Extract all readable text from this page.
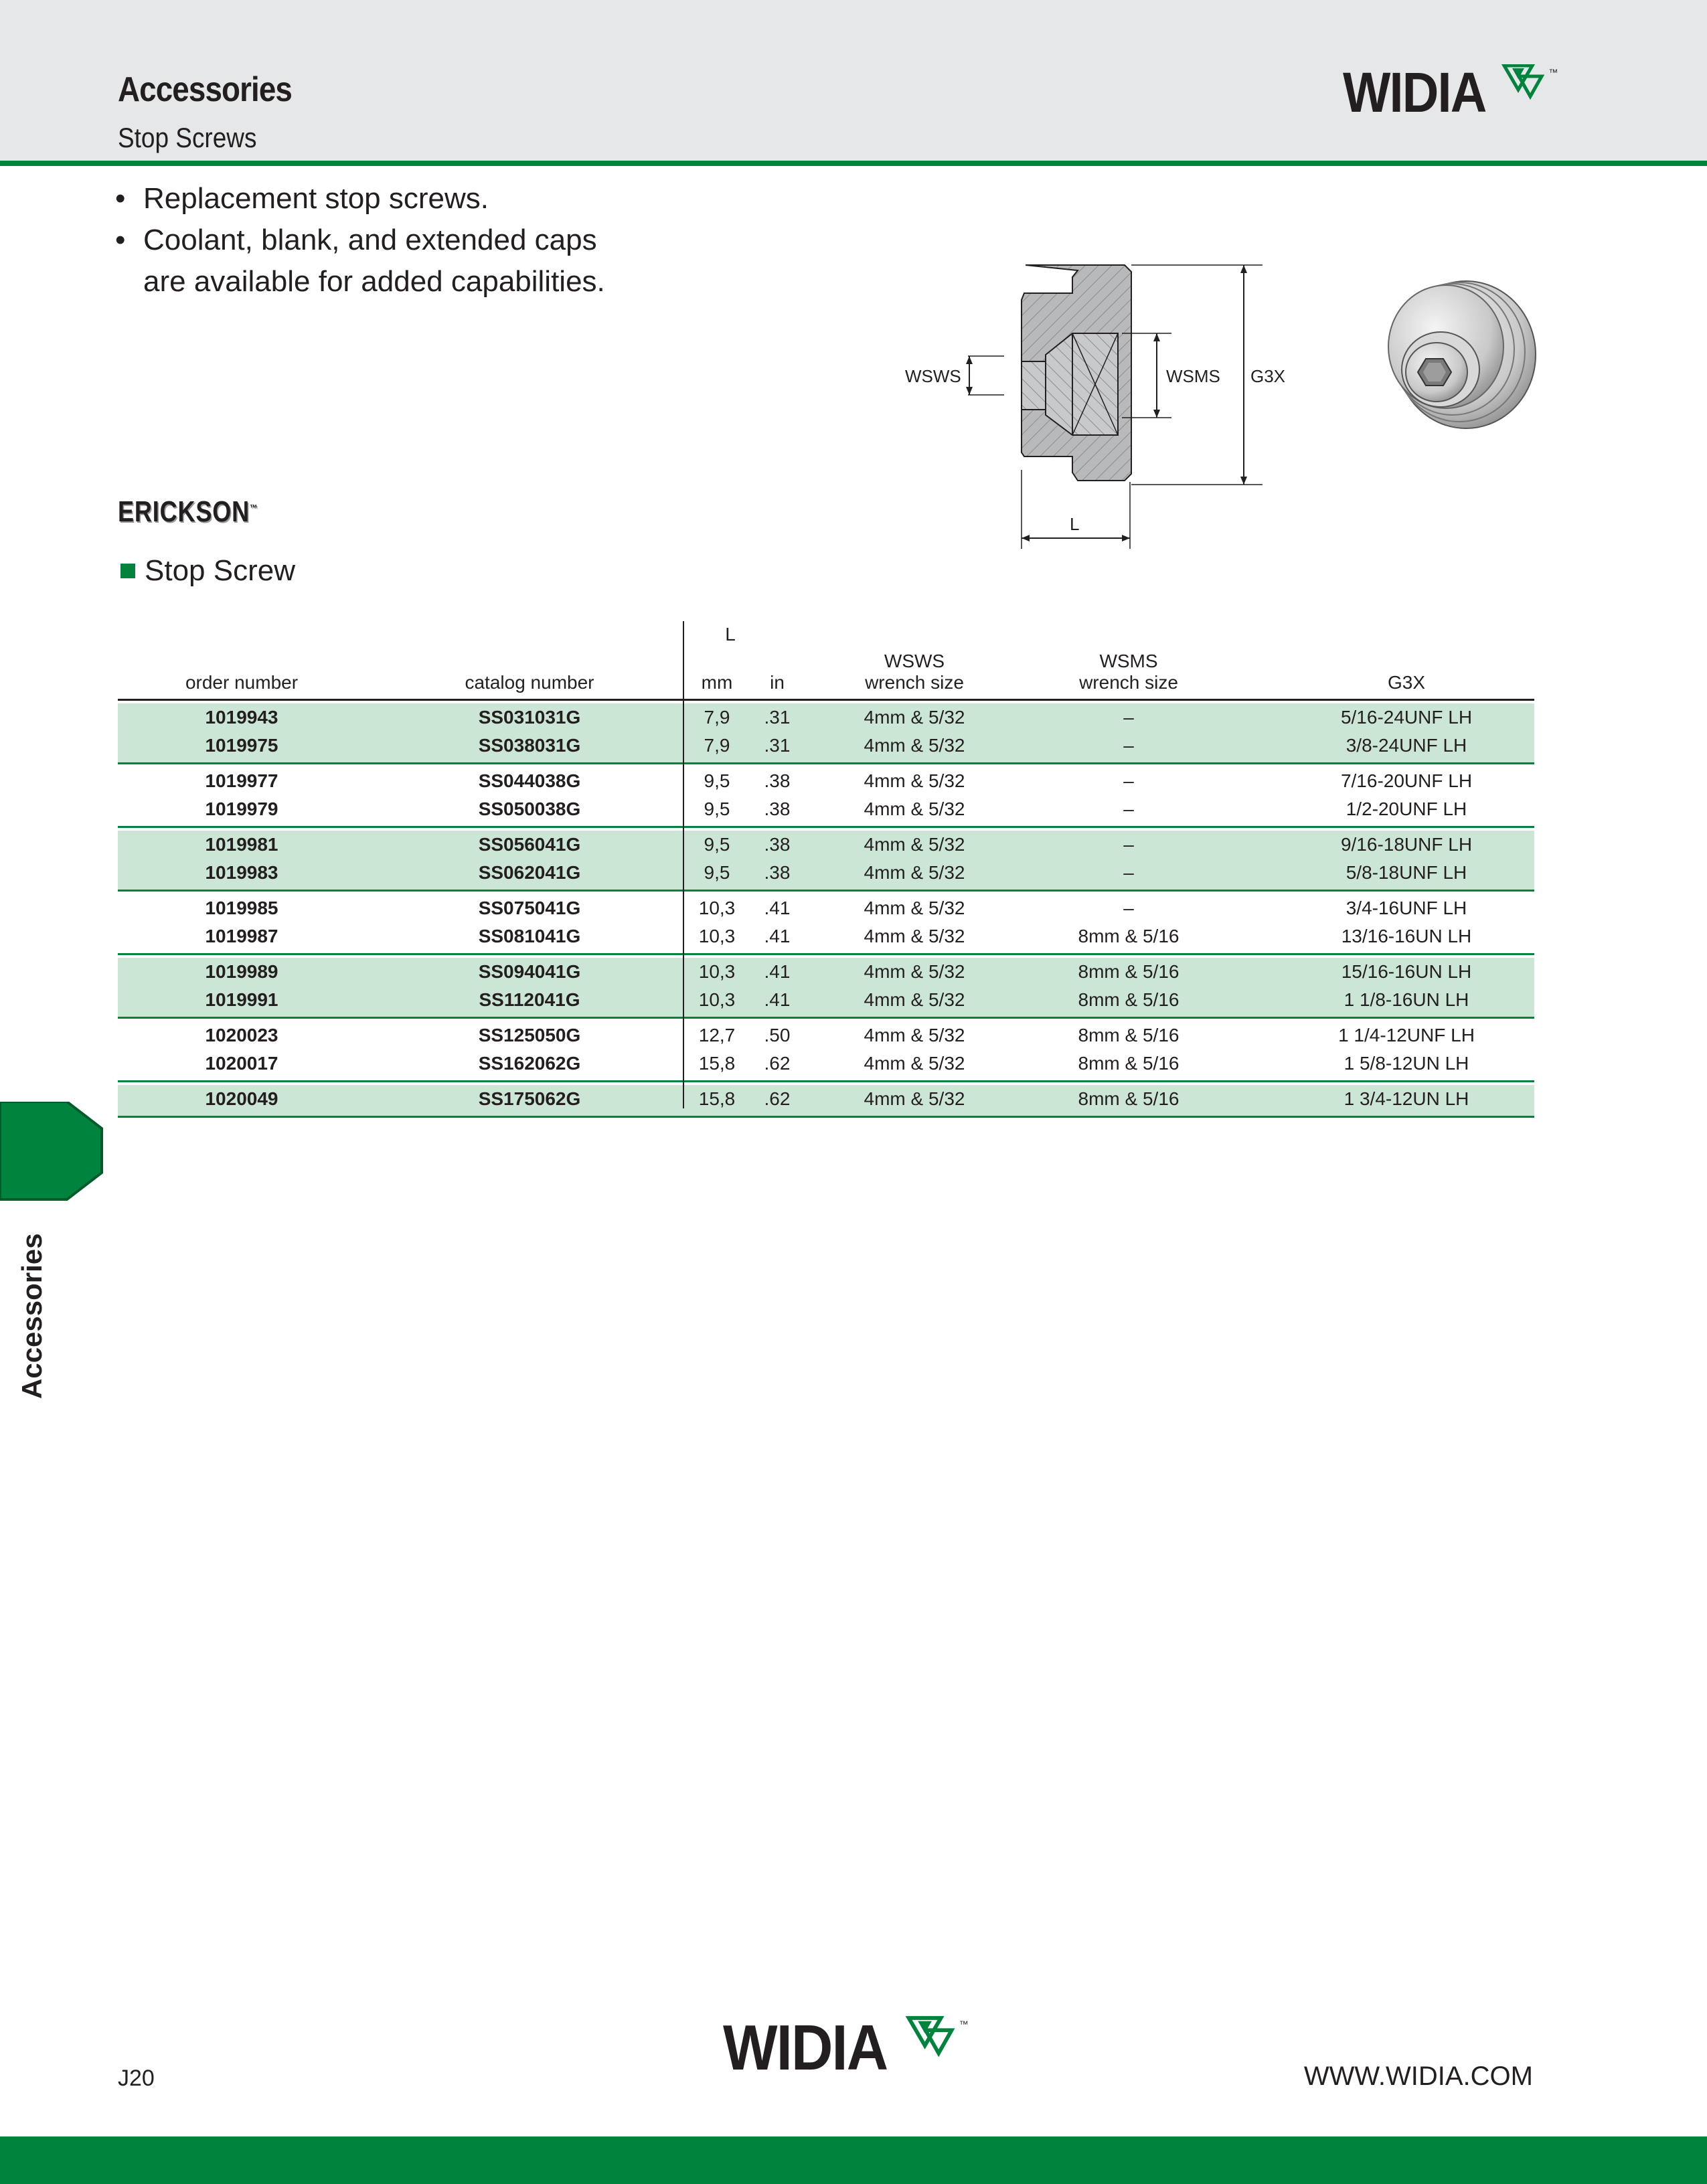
Accessories
Stop Screws
WIDIA	™
• Replacement stop screws.
• Coolant, blank, and extended caps
are available for added capabilities.
WSWS	WSMS G3X
L
ERICKSON™
Stop Screw
order number	catalog number
L
mm	in
WSWS
wrench size
WSMS
wrench size	G3X
1019943	SS031031G	7,9	.31	4mm & 5/32	–	5/16-24UNF LH
1019975	SS038031G	7,9	.31	4mm & 5/32	–	3/8-24UNF LH
1019977	SS044038G	9,5	.38	4mm & 5/32	–	7/16-20UNF LH
1019979	SS050038G	9,5	.38	4mm & 5/32	–	1/2-20UNF LH
1019981	SS056041G	9,5	.38	4mm & 5/32	–	9/16-18UNF LH
1019983	SS062041G	9,5	.38	4mm & 5/32	–	5/8-18UNF LH
1019985	SS075041G	10,3	.41	4mm & 5/32	–	3/4-16UNF LH
1019987	SS081041G	10,3	.41	4mm & 5/32	8mm & 5/16	13/16-16UN LH
1019989	SS094041G	10,3	.41	4mm & 5/32	8mm & 5/16	15/16-16UN LH
1019991	SS112041G	10,3	.41	4mm & 5/32	8mm & 5/16	1 1/8-16UN LH
1020023	SS125050G	12,7	.50	4mm & 5/32	8mm & 5/16	1 1/4-12UNF LH
1020017	SS162062G	15,8	.62	4mm & 5/32	8mm & 5/16	1 5/8-12UN LH
1020049	SS175062G	15,8	.62	4mm & 5/32	8mm & 5/16	1 3/4-12UN LH
Accessories
J20	WIDIA	™
WWW.WIDIA.COM
